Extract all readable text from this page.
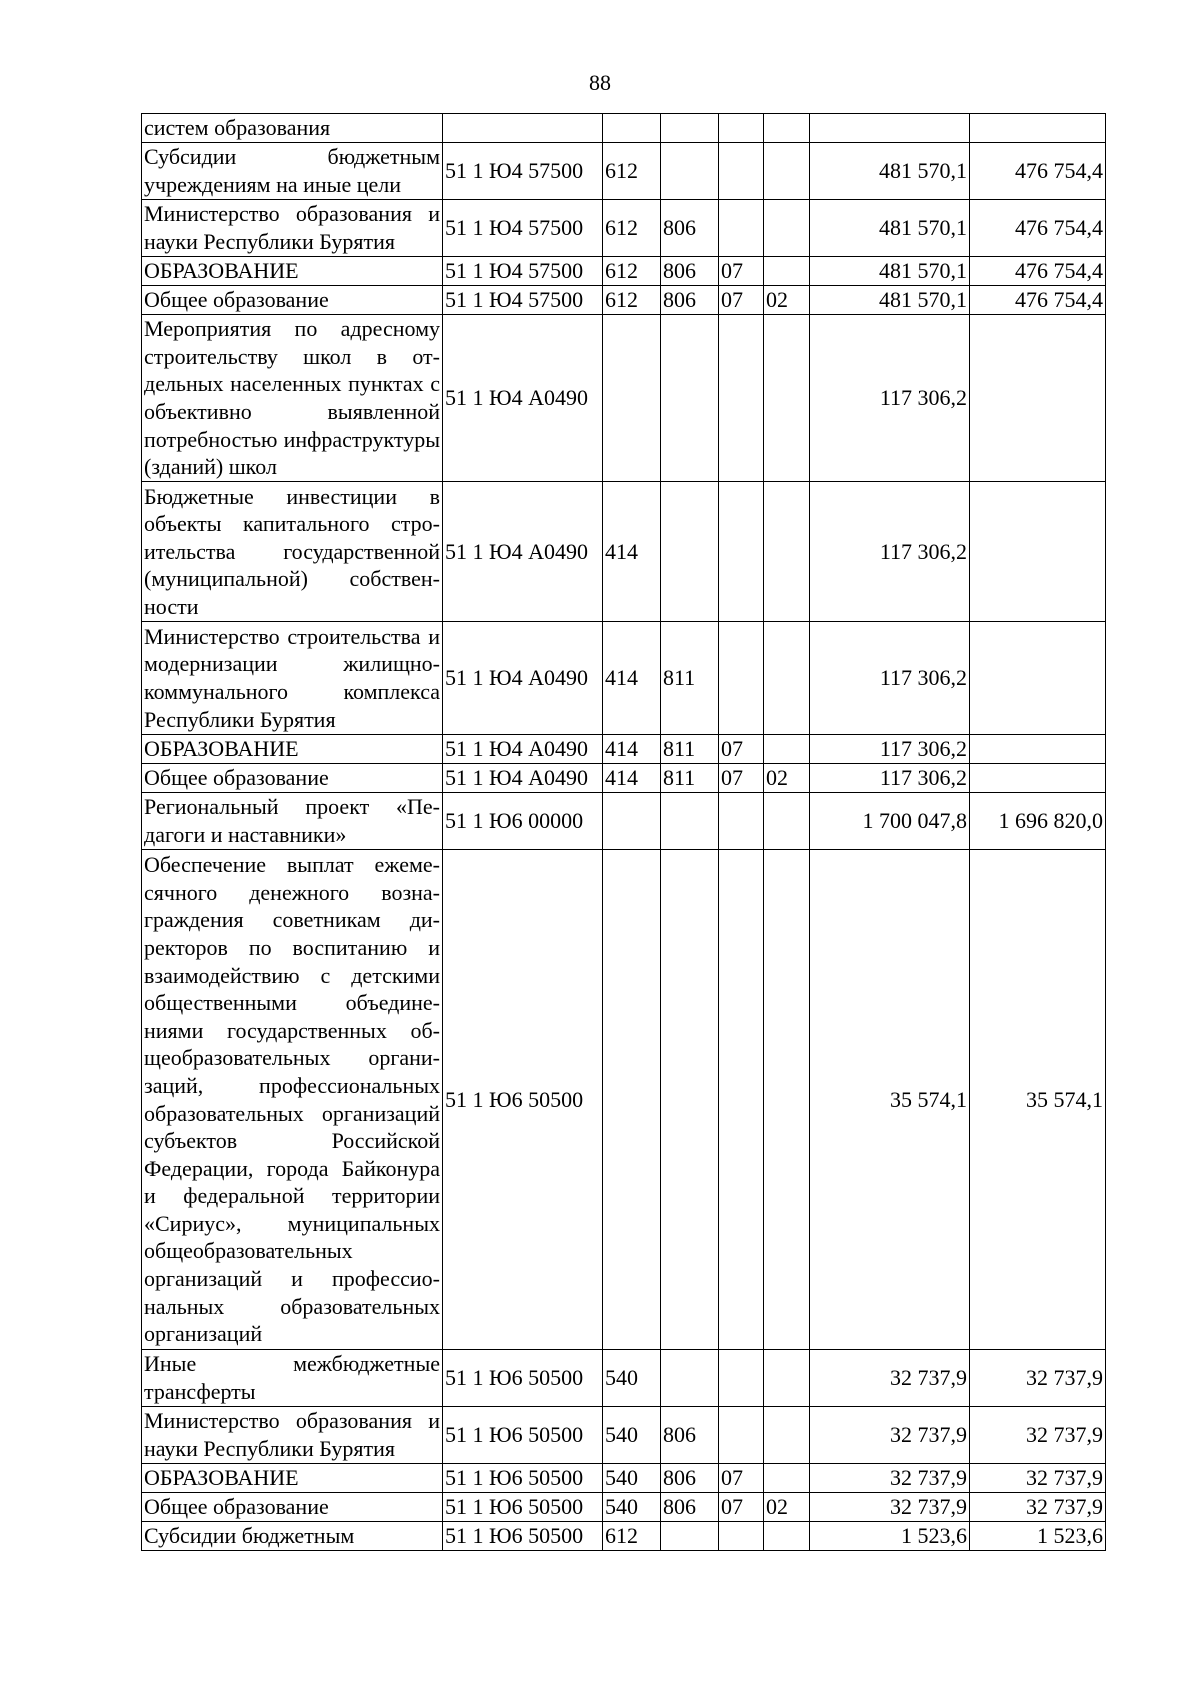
88
систем образования							
Субсидии бюджетным учреждениям на иные цели	51 1 Ю4 57500	612				481 570,1	476 754,4
Министерство образования и науки Республики Бурятия	51 1 Ю4 57500	612	806			481 570,1	476 754,4
ОБРАЗОВАНИЕ	51 1 Ю4 57500	612	806	07		481 570,1	476 754,4
Общее образование	51 1 Ю4 57500	612	806	07	02	481 570,1	476 754,4
Мероприятия по адресному строительству школ в отдельных населенных пунктах с объективно выявленной потребностью инфраструктуры (зданий) школ	51 1 Ю4 А0490					117 306,2	
Бюджетные инвестиции в объекты капитального строительства государственной (муниципальной) собственности	51 1 Ю4 А0490	414				117 306,2	
Министерство строительства и модернизации жилищно-коммунального комплекса Республики Бурятия	51 1 Ю4 А0490	414	811			117 306,2	
ОБРАЗОВАНИЕ	51 1 Ю4 А0490	414	811	07		117 306,2	
Общее образование	51 1 Ю4 А0490	414	811	07	02	117 306,2	
Региональный проект «Педагоги и наставники»	51 1 Ю6 00000					1 700 047,8	1 696 820,0
Обеспечение выплат ежемесячного денежного вознаграждения советникам директоров по воспитанию и взаимодействию с детскими общественными объединениями государственных общеобразовательных организаций, профессиональных образовательных организаций субъектов Российской Федерации, города Байконура и федеральной территории «Сириус», муниципальных общеобразовательных организаций и профессиональных образовательных организаций	51 1 Ю6 50500					35 574,1	35 574,1
Иные межбюджетные трансферты	51 1 Ю6 50500	540				32 737,9	32 737,9
Министерство образования и науки Республики Бурятия	51 1 Ю6 50500	540	806			32 737,9	32 737,9
ОБРАЗОВАНИЕ	51 1 Ю6 50500	540	806	07		32 737,9	32 737,9
Общее образование	51 1 Ю6 50500	540	806	07	02	32 737,9	32 737,9
Субсидии бюджетным	51 1 Ю6 50500	612				1 523,6	1 523,6
